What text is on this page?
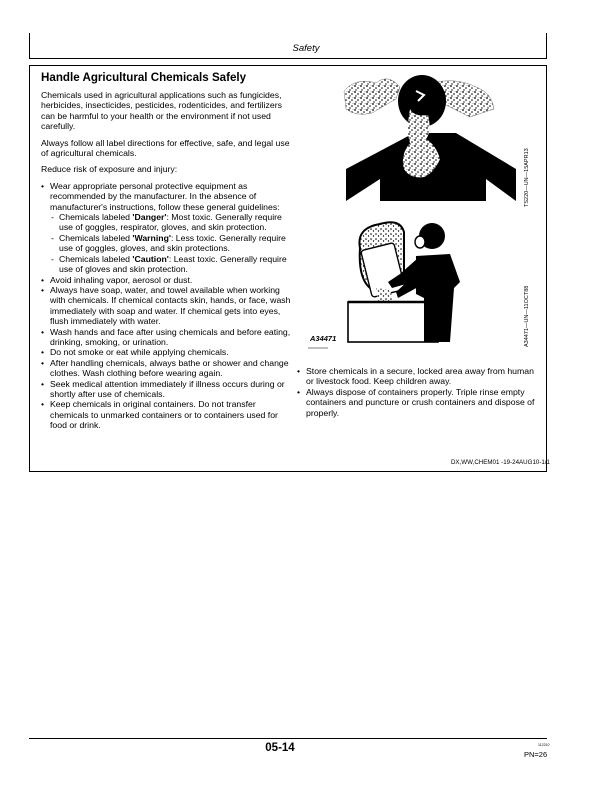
Safety
Handle Agricultural Chemicals Safely
Chemicals used in agricultural applications such as fungicides, herbicides, insecticides, pesticides, rodenticides, and fertilizers can be harmful to your health or the environment if not used carefully.
Always follow all label directions for effective, safe, and legal use of agricultural chemicals.
Reduce risk of exposure and injury:
• Wear appropriate personal protective equipment as recommended by the manufacturer. In the absence of manufacturer's instructions, follow these general guidelines:
- Chemicals labeled 'Danger': Most toxic. Generally require use of goggles, respirator, gloves, and skin protection.
- Chemicals labeled 'Warning': Less toxic. Generally require use of goggles, gloves, and skin protections.
- Chemicals labeled 'Caution': Least toxic. Generally require use of gloves and skin protection.
• Avoid inhaling vapor, aerosol or dust.
• Always have soap, water, and towel available when working with chemicals. If chemical contacts skin, hands, or face, wash immediately with soap and water. If chemical gets into eyes, flush immediately with water.
• Wash hands and face after using chemicals and before eating, drinking, smoking, or urination.
• Do not smoke or eat while applying chemicals.
• After handling chemicals, always bathe or shower and change clothes. Wash clothing before wearing again.
• Seek medical attention immediately if illness occurs during or shortly after use of chemicals.
• Keep chemicals in original containers. Do not transfer chemicals to unmarked containers or to containers used for food or drink.
TS220—UN—15APR13
A34471	A34471—UN—11OCT88
• Store chemicals in a secure, locked area away from human or livestock food. Keep children away.
• Always dispose of containers properly. Triple rinse empty containers and puncture or crush containers and dispose of properly.
DX,WW,CHEM01 -19-24AUG10-1/1
05-14	112210
PN=26
